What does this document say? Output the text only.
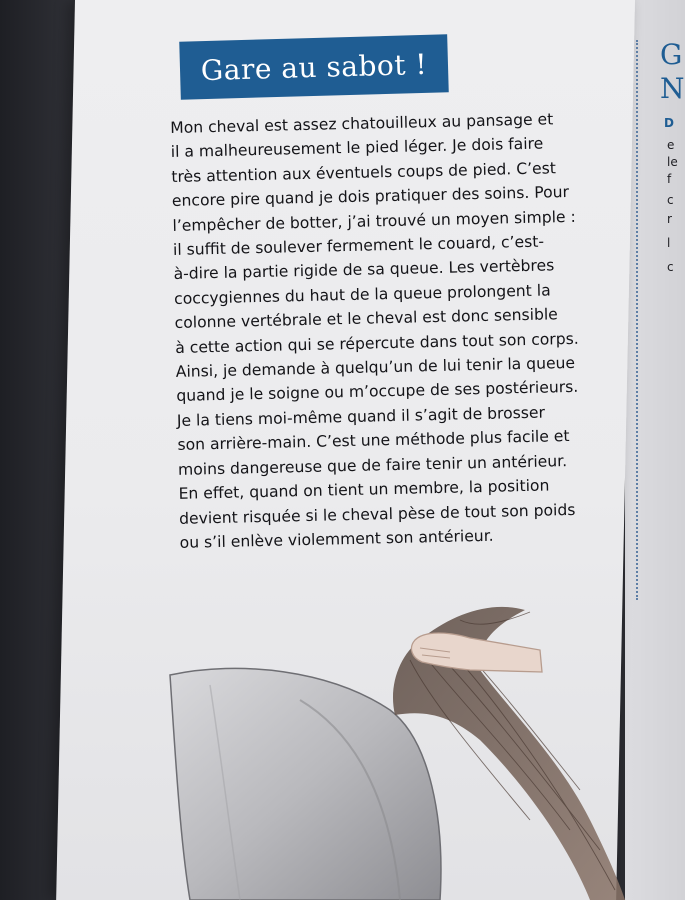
Gare au sabot !
Mon cheval est assez chatouilleux au pansage et
il a malheureusement le pied léger. Je dois faire
très attention aux éventuels coups de pied. C’est
encore pire quand je dois pratiquer des soins. Pour
l’empêcher de botter, j’ai trouvé un moyen simple :
il suffit de soulever fermement le couard, c’est-
à-dire la partie rigide de sa queue. Les vertèbres
coccygiennes du haut de la queue prolongent la
colonne vertébrale et le cheval est donc sensible
à cette action qui se répercute dans tout son corps.
Ainsi, je demande à quelqu’un de lui tenir la queue
quand je le soigne ou m’occupe de ses postérieurs.
Je la tiens moi-même quand il s’agit de brosser
son arrière-main. C’est une méthode plus facile et
moins dangereuse que de faire tenir un antérieur.
En effet, quand on tient un membre, la position
devient risquée si le cheval pèse de tout son poids
ou s’il enlève violemment son antérieur.
G
N
D
e
le
f
c
r
l
c
